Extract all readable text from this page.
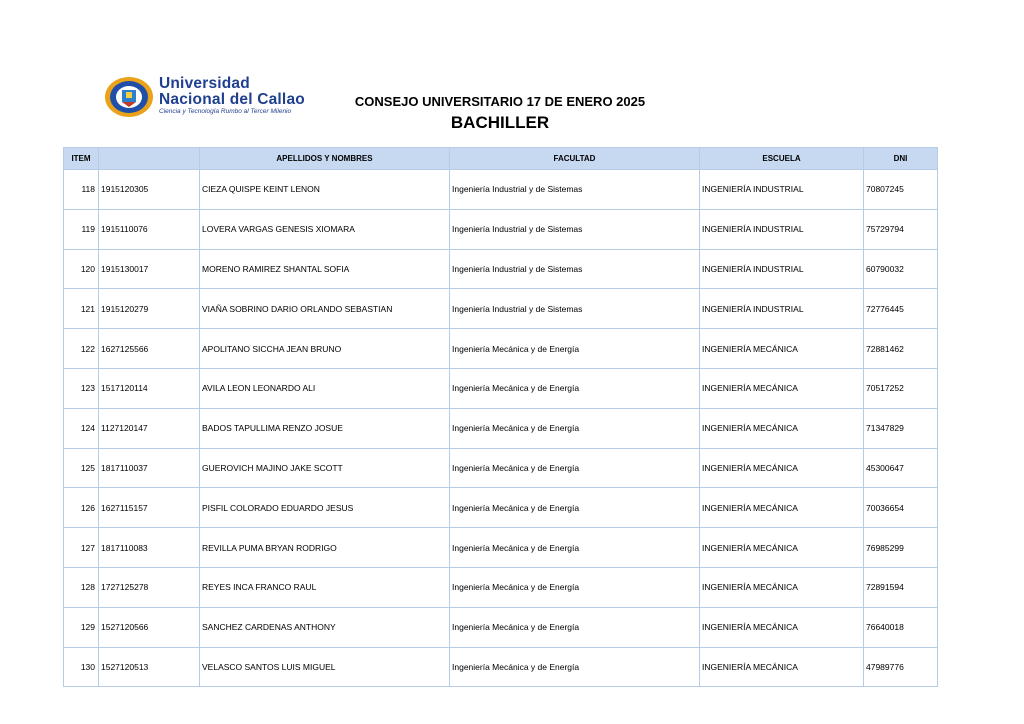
Universidad
Nacional del Callao
Ciencia y Tecnología Rumbo al Tercer Milenio
CONSEJO UNIVERSITARIO 17 DE ENERO 2025
BACHILLER
ITEM		APELLIDOS Y NOMBRES	FACULTAD	ESCUELA	DNI
118	1915120305	CIEZA QUISPE KEINT LENON	Ingeniería Industrial y de Sistemas	INGENIERÍA INDUSTRIAL	70807245
119	1915110076	LOVERA VARGAS GENESIS XIOMARA	Ingeniería Industrial y de Sistemas	INGENIERÍA INDUSTRIAL	75729794
120	1915130017	MORENO RAMIREZ SHANTAL SOFIA	Ingeniería Industrial y de Sistemas	INGENIERÍA INDUSTRIAL	60790032
121	1915120279	VIAÑA SOBRINO DARIO ORLANDO SEBASTIAN	Ingeniería Industrial y de Sistemas	INGENIERÍA INDUSTRIAL	72776445
122	1627125566	APOLITANO SICCHA JEAN BRUNO	Ingeniería Mecánica y de Energía	INGENIERÍA MECÁNICA	72881462
123	1517120114	AVILA LEON LEONARDO ALI	Ingeniería Mecánica y de Energía	INGENIERÍA MECÁNICA	70517252
124	1127120147	BADOS TAPULLIMA RENZO JOSUE	Ingeniería Mecánica y de Energía	INGENIERÍA MECÁNICA	71347829
125	1817110037	GUEROVICH MAJINO JAKE SCOTT	Ingeniería Mecánica y de Energía	INGENIERÍA MECÁNICA	45300647
126	1627115157	PISFIL COLORADO EDUARDO JESUS	Ingeniería Mecánica y de Energía	INGENIERÍA MECÁNICA	70036654
127	1817110083	REVILLA PUMA BRYAN RODRIGO	Ingeniería Mecánica y de Energía	INGENIERÍA MECÁNICA	76985299
128	1727125278	REYES INCA FRANCO RAUL	Ingeniería Mecánica y de Energía	INGENIERÍA MECÁNICA	72891594
129	1527120566	SANCHEZ CARDENAS ANTHONY	Ingeniería Mecánica y de Energía	INGENIERÍA MECÁNICA	76640018
130	1527120513	VELASCO SANTOS LUIS MIGUEL	Ingeniería Mecánica y de Energía	INGENIERÍA MECÁNICA	47989776
